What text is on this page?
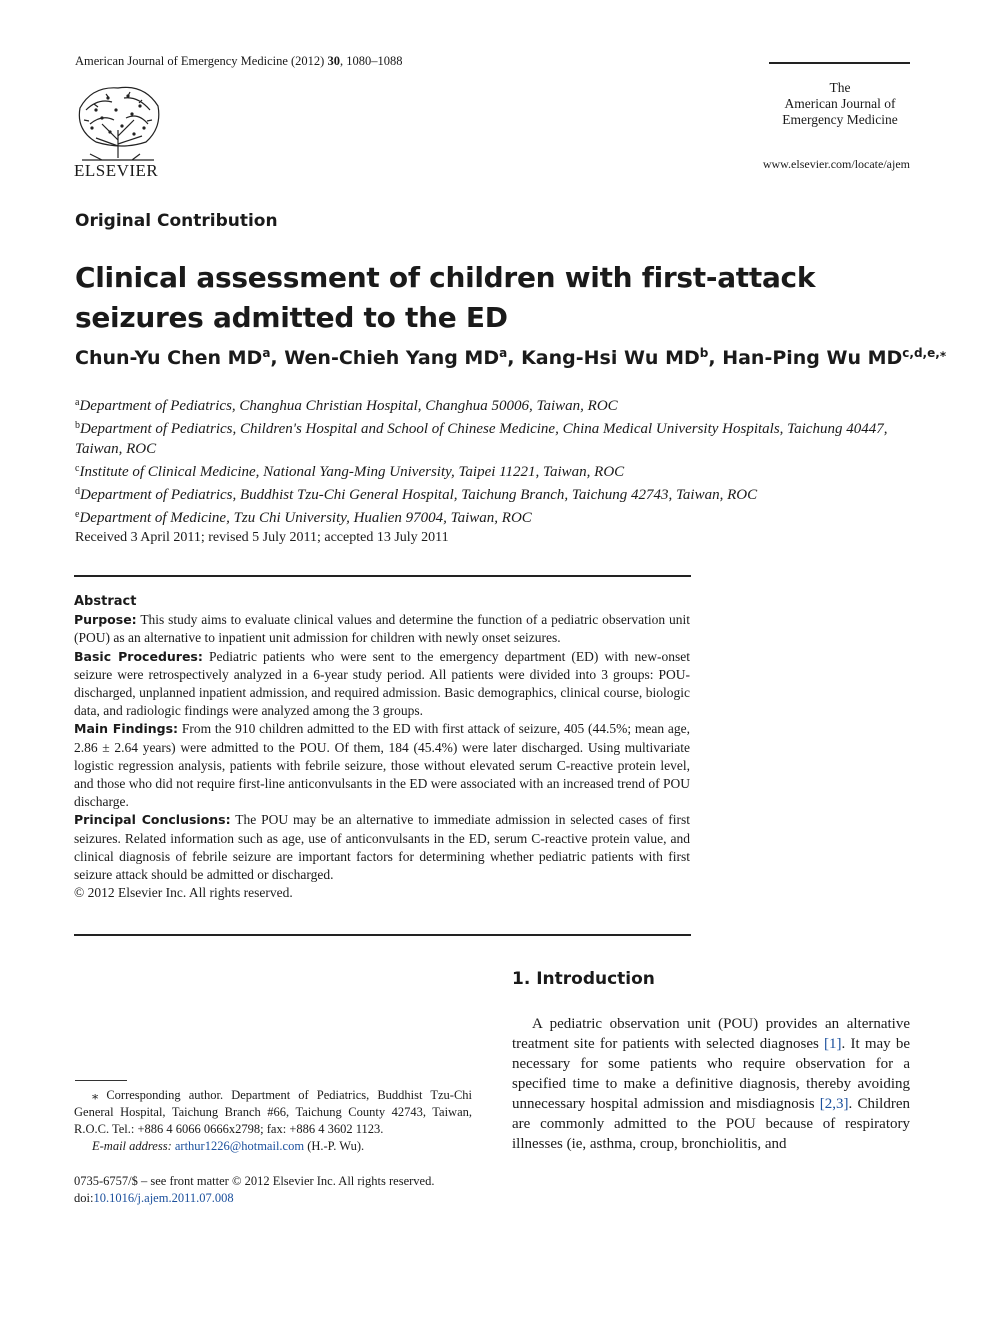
American Journal of Emergency Medicine (2012) 30, 1080–1088
ELSEVIER
The
American Journal of
Emergency Medicine
www.elsevier.com/locate/ajem
Original Contribution
Clinical assessment of children with first-attack seizures admitted to the ED
Chun-Yu Chen $MD^a$, Wen-Chieh Yang $MD^a$, Kang-Hsi Wu $MD^b$, Han-Ping Wu $MD^{c,d,e,⁎}$
$^a$Department of Pediatrics, Changhua Christian Hospital, Changhua 50006, Taiwan, ROC
$^b$Department of Pediatrics, Children's Hospital and School of Chinese Medicine, China Medical University Hospitals, Taichung 40447, Taiwan, ROC
$^c$Institute of Clinical Medicine, National Yang-Ming University, Taipei 11221, Taiwan, ROC
$^d$Department of Pediatrics, Buddhist Tzu-Chi General Hospital, Taichung Branch, Taichung 42743, Taiwan, ROC
$^e$Department of Medicine, Tzu Chi University, Hualien 97004, Taiwan, ROC
Received 3 April 2011; revised 5 July 2011; accepted 13 July 2011
Abstract

Purpose: This study aims to evaluate clinical values and determine the function of a pediatric observation unit (POU) as an alternative to inpatient unit admission for children with newly onset seizures.

Basic Procedures: Pediatric patients who were sent to the emergency department (ED) with new-onset seizure were retrospectively analyzed in a 6-year study period. All patients were divided into 3 groups: POU-discharged, unplanned inpatient admission, and required admission. Basic demographics, clinical course, biologic data, and radiologic findings were analyzed among the 3 groups.

Main Findings: From the 910 children admitted to the ED with first attack of seizure, 405 (44.5%; mean age, 2.86 ± 2.64 years) were admitted to the POU. Of them, 184 (45.4%) were later discharged. Using multivariate logistic regression analysis, patients with febrile seizure, those without elevated serum C-reactive protein level, and those who did not require first-line anticonvulsants in the ED were associated with an increased trend of POU discharge.

Principal Conclusions: The POU may be an alternative to immediate admission in selected cases of first seizures. Related information such as age, use of anticonvulsants in the ED, serum C-reactive protein value, and clinical diagnosis of febrile seizure are important factors for determining whether pediatric patients with first seizure attack should be admitted or discharged.

© 2012 Elsevier Inc. All rights reserved.

1. Introduction
A pediatric observation unit (POU) provides an alternative treatment site for patients with selected diagnoses [1]. It may be necessary for some patients who require observation for a specified time to make a definitive diagnosis, thereby avoiding unnecessary hospital admission and misdiagnosis [2,3]. Children are commonly admitted to the POU because of respiratory illnesses (ie, asthma, croup, bronchiolitis, and

⁎ Corresponding author. Department of Pediatrics, Buddhist Tzu-Chi General Hospital, Taichung Branch #66, Taichung County 42743, Taiwan, R.O.C. Tel.: +886 4 6066 0666x2798; fax: +886 4 3602 1123.

E-mail address: arthur1226@hotmail.com (H.-P. Wu).

0735-6757/$ – see front matter © 2012 Elsevier Inc. All rights reserved.
doi:10.1016/j.ajem.2011.07.008
